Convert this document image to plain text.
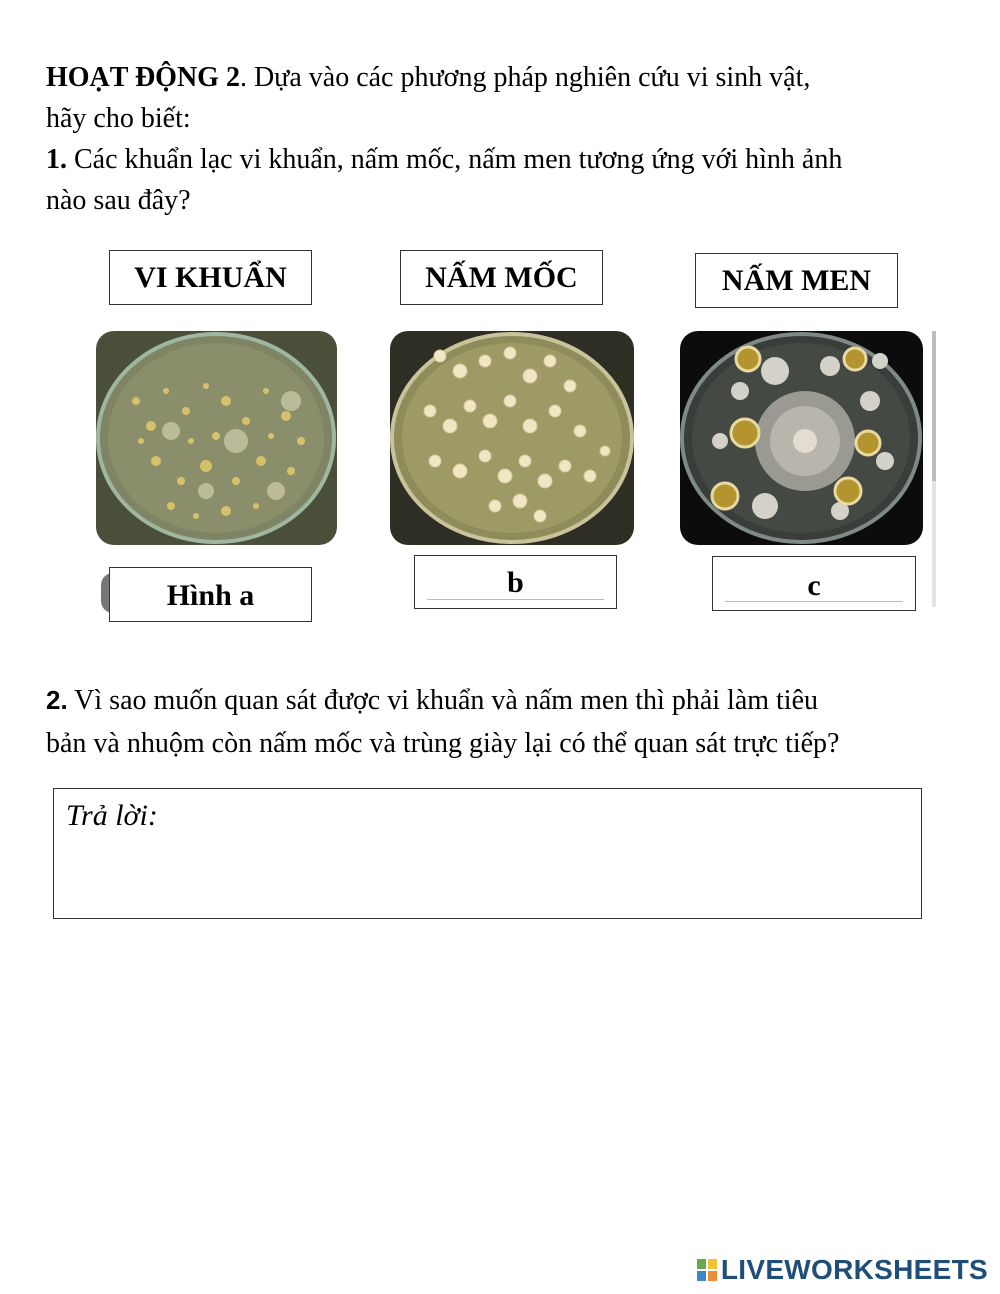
HOẠT ĐỘNG 2. Dựa vào các phương pháp nghiên cứu vi sinh vật,
hãy cho biết:
1. Các khuẩn lạc vi khuẩn, nấm mốc, nấm men tương ứng với hình ảnh
nào sau đây?
VI KHUẨN	NẤM MỐC	NẤM MEN
Hình a	b	c
2. Vì sao muốn quan sát được vi khuẩn và nấm men thì phải làm tiêu
bản và nhuộm còn nấm mốc và trùng giày lại có thể quan sát trực tiếp?
Trả lời:
LIVEWORKSHEETS
